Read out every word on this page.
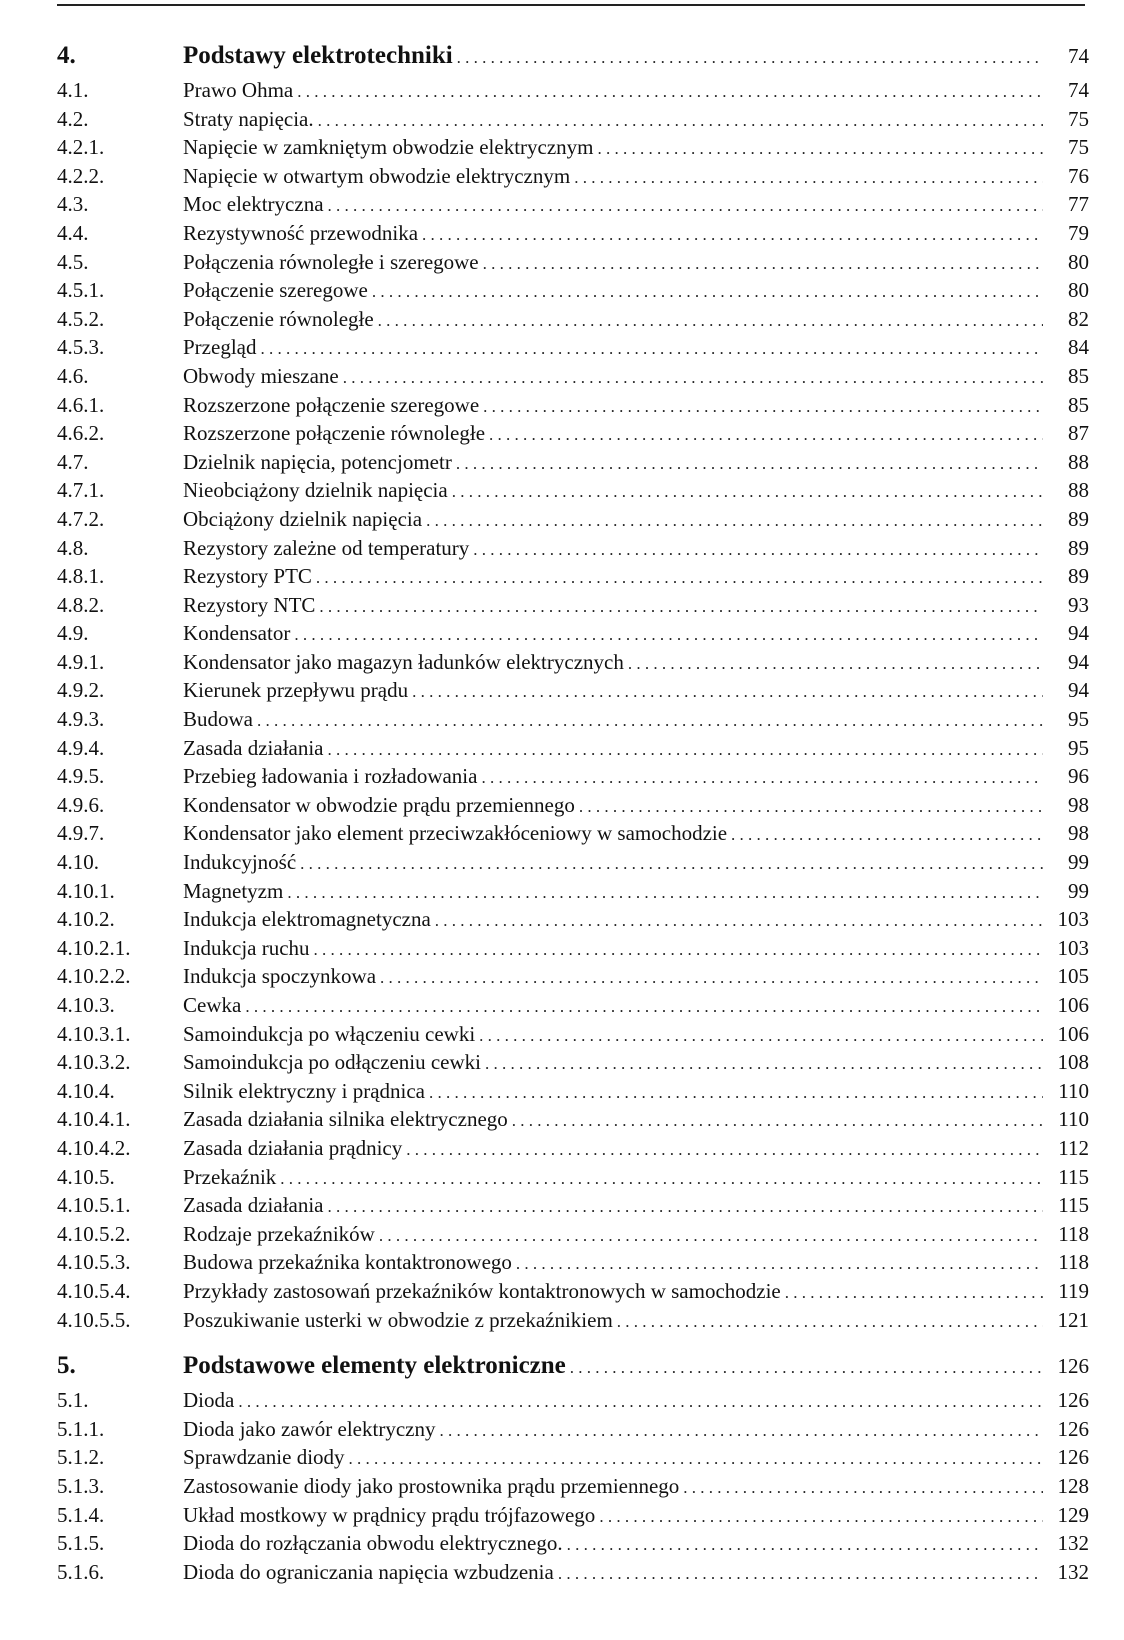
4.	Podstawy elektrotechniki . . .	74
4.1.	Prawo Ohma . . .	74
4.2.	Straty napięcia. . . .	75
4.2.1.	Napięcie w zamkniętym obwodzie elektrycznym . . .	75
4.2.2.	Napięcie w otwartym obwodzie elektrycznym . . .	76
4.3.	Moc elektryczna . . .	77
4.4.	Rezystywność przewodnika . . .	79
4.5.	Połączenia równoległe i szeregowe . . .	80
4.5.1.	Połączenie szeregowe . . .	80
4.5.2.	Połączenie równoległe . . .	82
4.5.3.	Przegląd . . .	84
4.6.	Obwody mieszane . . .	85
4.6.1.	Rozszerzone połączenie szeregowe . . .	85
4.6.2.	Rozszerzone połączenie równoległe . . .	87
4.7.	Dzielnik napięcia, potencjometr . . .	88
4.7.1.	Nieobciążony dzielnik napięcia . . .	88
4.7.2.	Obciążony dzielnik napięcia . . .	89
4.8.	Rezystory zależne od temperatury . . .	89
4.8.1.	Rezystory PTC . . .	89
4.8.2.	Rezystory NTC . . .	93
4.9.	Kondensator . . .	94
4.9.1.	Kondensator jako magazyn ładunków elektrycznych . . .	94
4.9.2.	Kierunek przepływu prądu . . .	94
4.9.3.	Budowa . . .	95
4.9.4.	Zasada działania . . .	95
4.9.5.	Przebieg ładowania i rozładowania . . .	96
4.9.6.	Kondensator w obwodzie prądu przemiennego . . .	98
4.9.7.	Kondensator jako element przeciwzakłóceniowy w samochodzie . . .	98
4.10.	Indukcyjność . . .	99
4.10.1.	Magnetyzm . . .	99
4.10.2.	Indukcja elektromagnetyczna . . .	103
4.10.2.1.	Indukcja ruchu . . .	103
4.10.2.2.	Indukcja spoczynkowa . . .	105
4.10.3.	Cewka . . .	106
4.10.3.1.	Samoindukcja po włączeniu cewki . . .	106
4.10.3.2.	Samoindukcja po odłączeniu cewki . . .	108
4.10.4.	Silnik elektryczny i prądnica . . .	110
4.10.4.1.	Zasada działania silnika elektrycznego . . .	110
4.10.4.2.	Zasada działania prądnicy . . .	112
4.10.5.	Przekaźnik . . .	115
4.10.5.1.	Zasada działania . . .	115
4.10.5.2.	Rodzaje przekaźników . . .	118
4.10.5.3.	Budowa przekaźnika kontaktronowego . . .	118
4.10.5.4.	Przykłady zastosowań przekaźników kontaktronowych w samochodzie . . .	119
4.10.5.5.	Poszukiwanie usterki w obwodzie z przekaźnikiem . . .	121
5.	Podstawowe elementy elektroniczne . . .	126
5.1.	Dioda . . .	126
5.1.1.	Dioda jako zawór elektryczny . . .	126
5.1.2.	Sprawdzanie diody . . .	126
5.1.3.	Zastosowanie diody jako prostownika prądu przemiennego . . .	128
5.1.4.	Układ mostkowy w prądnicy prądu trójfazowego . . .	129
5.1.5.	Dioda do rozłączania obwodu elektrycznego. . . .	132
5.1.6.	Dioda do ograniczania napięcia wzbudzenia . . .	132
